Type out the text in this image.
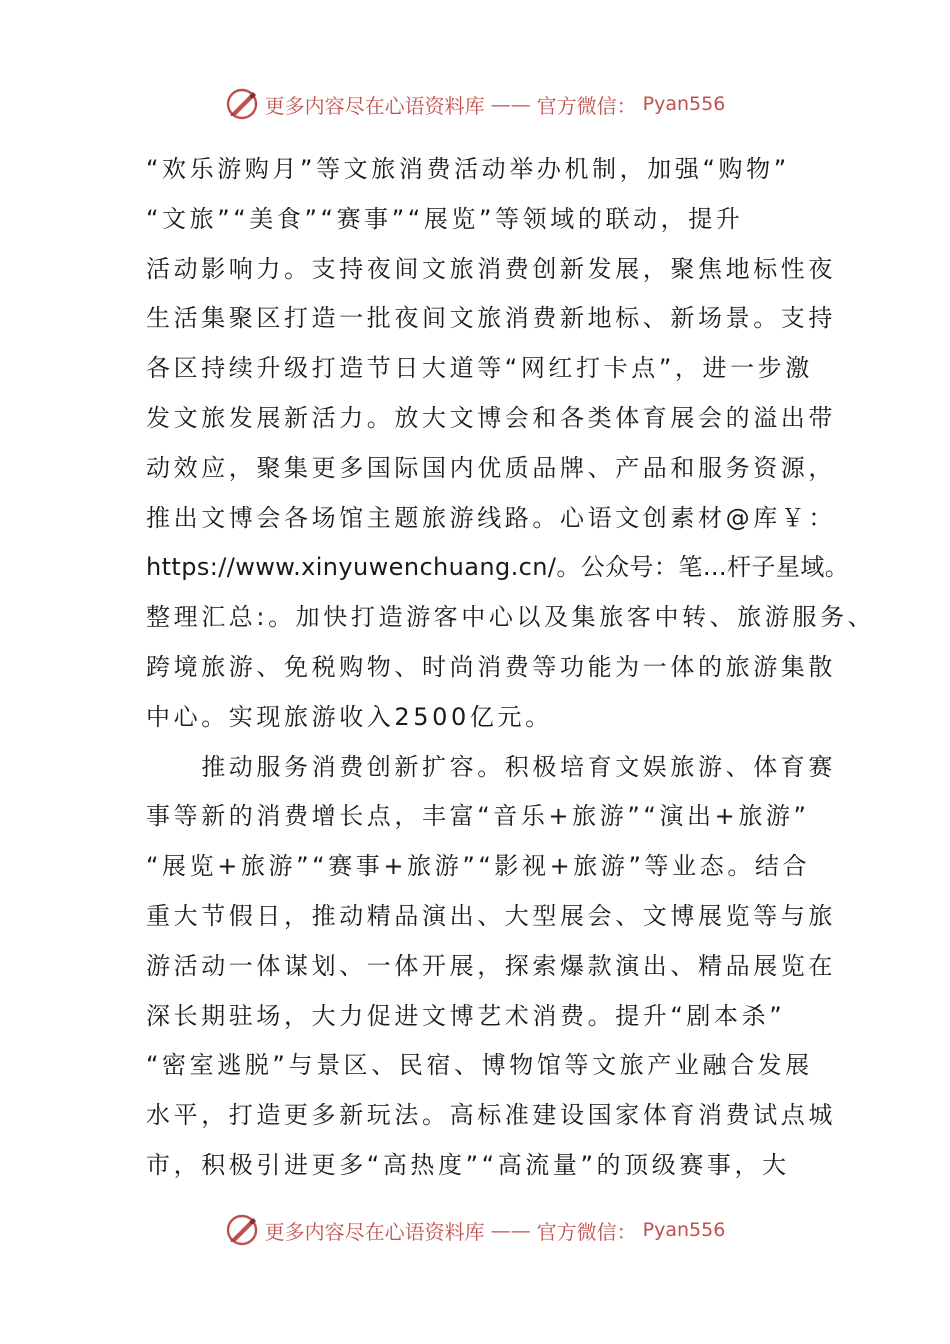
更多内容尽在心语资料库 —— 官方微信： Pyan556
“欢乐游购月”等文旅消费活动举办机制，加强“购物”
“文旅”“美食”“赛事”“展览”等领域的联动，提升
活动影响力。支持夜间文旅消费创新发展，聚焦地标性夜
生活集聚区打造一批夜间文旅消费新地标、新场景。支持
各区持续升级打造节日大道等“网红打卡点”，进一步激
发文旅发展新活力。放大文博会和各类体育展会的溢出带
动效应，聚集更多国际国内优质品牌、产品和服务资源，
推出文博会各场馆主题旅游线路。心语文创素材@库￥：
https://www.xinyuwenchuang.cn/。公众号：笔…杆子星域。
整理汇总:。加快打造游客中心以及集旅客中转、旅游服务、
跨境旅游、免税购物、时尚消费等功能为一体的旅游集散
中心。实现旅游收入2500亿元。
　　推动服务消费创新扩容。积极培育文娱旅游、体育赛
事等新的消费增长点，丰富“音乐+旅游”“演出+旅游”
“展览+旅游”“赛事+旅游”“影视+旅游”等业态。结合
重大节假日，推动精品演出、大型展会、文博展览等与旅
游活动一体谋划、一体开展，探索爆款演出、精品展览在
深长期驻场，大力促进文博艺术消费。提升“剧本杀”
“密室逃脱”与景区、民宿、博物馆等文旅产业融合发展
水平，打造更多新玩法。高标准建设国家体育消费试点城
市，积极引进更多“高热度”“高流量”的顶级赛事，大
更多内容尽在心语资料库 —— 官方微信： Pyan556
